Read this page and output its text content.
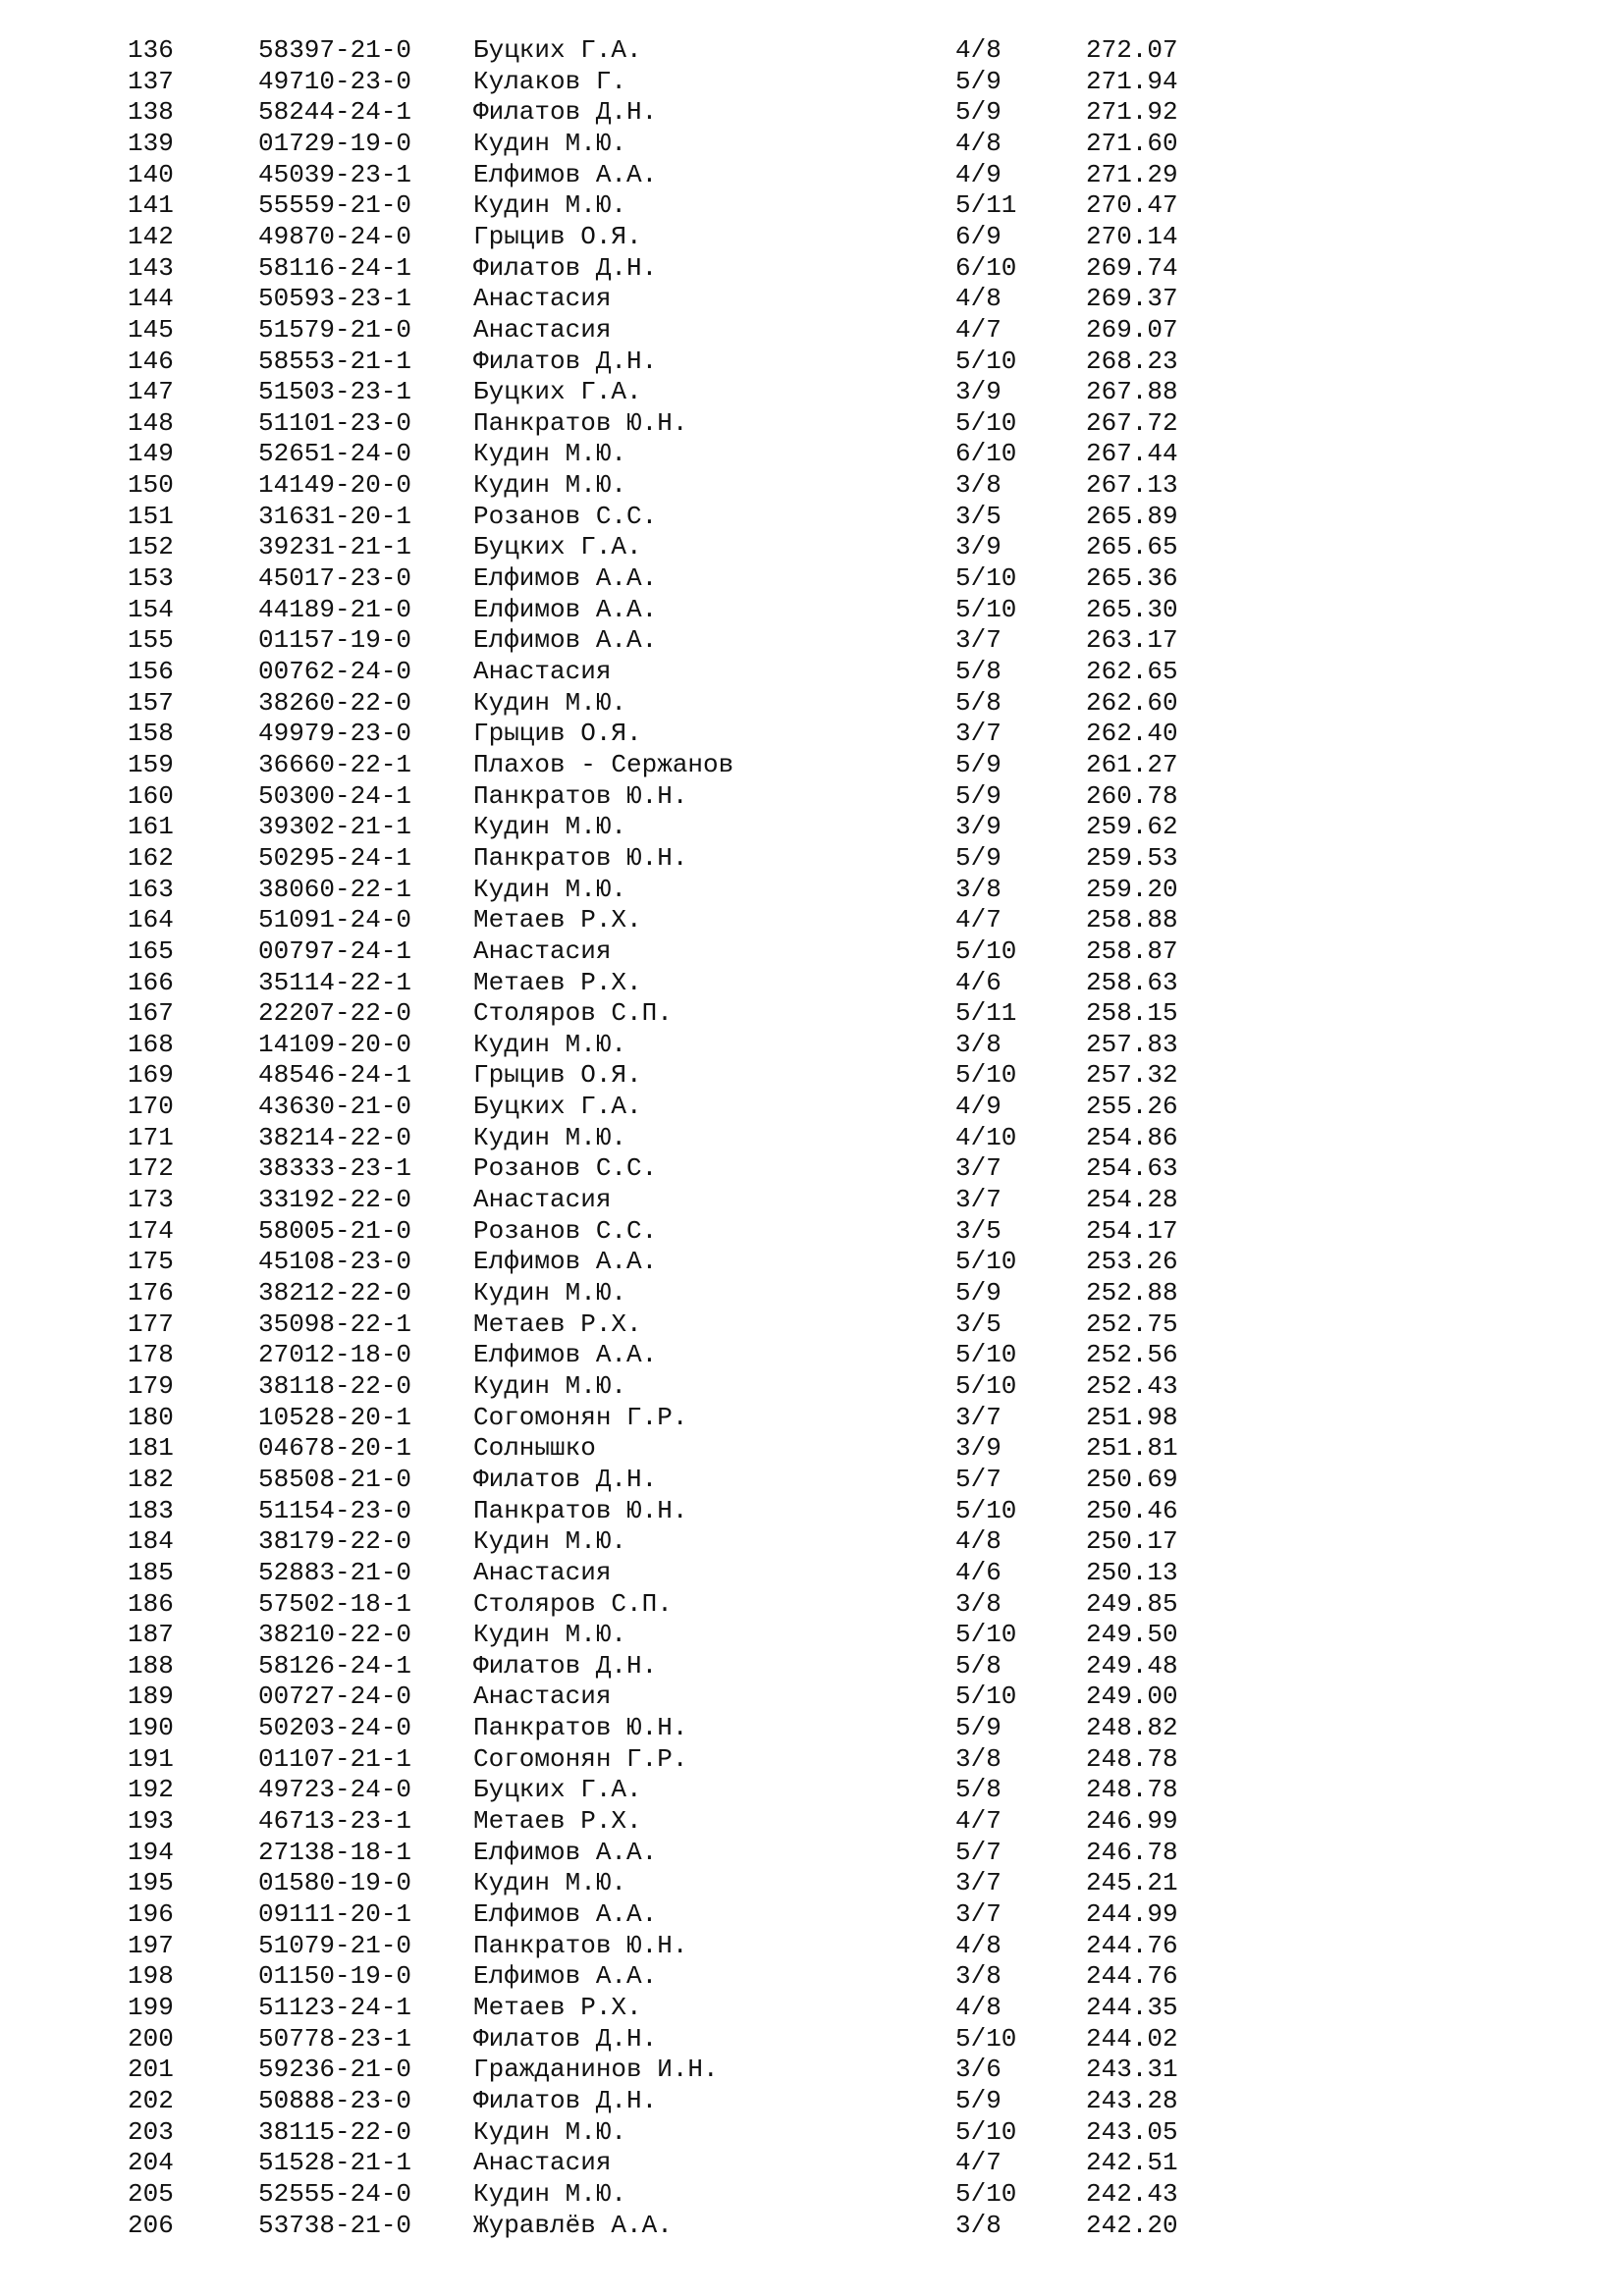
136	58397-21-0 Буцких Г.А.	4/8	272.07
137	49710-23-0 Кулаков Г.	5/9	271.94
138	58244-24-1 Филатов Д.Н.	5/9	271.92
139	01729-19-0 Кудин М.Ю.	4/8	271.60
140	45039-23-1 Елфимов А.А.	4/9	271.29
141	55559-21-0 Кудин М.Ю.	5/11	270.47
142	49870-24-0 Грыцив О.Я.	6/9	270.14
143	58116-24-1 Филатов Д.Н.	6/10	269.74
144	50593-23-1 Анастасия	4/8	269.37
145	51579-21-0 Анастасия	4/7	269.07
146	58553-21-1 Филатов Д.Н.	5/10	268.23
147	51503-23-1 Буцких Г.А.	3/9	267.88
148	51101-23-0 Панкратов Ю.Н.	5/10	267.72
149	52651-24-0 Кудин М.Ю.	6/10	267.44
150	14149-20-0 Кудин М.Ю.	3/8	267.13
151	31631-20-1 Розанов С.С.	3/5	265.89
152	39231-21-1 Буцких Г.А.	3/9	265.65
153	45017-23-0 Елфимов А.А.	5/10	265.36
154	44189-21-0 Елфимов А.А.	5/10	265.30
155	01157-19-0 Елфимов А.А.	3/7	263.17
156	00762-24-0 Анастасия	5/8	262.65
157	38260-22-0 Кудин М.Ю.	5/8	262.60
158	49979-23-0 Грыцив О.Я.	3/7	262.40
159	36660-22-1 Плахов - Сержанов	5/9	261.27
160	50300-24-1 Панкратов Ю.Н.	5/9	260.78
161	39302-21-1 Кудин М.Ю.	3/9	259.62
162	50295-24-1 Панкратов Ю.Н.	5/9	259.53
163	38060-22-1 Кудин М.Ю.	3/8	259.20
164	51091-24-0 Метаев Р.Х.	4/7	258.88
165	00797-24-1 Анастасия	5/10	258.87
166	35114-22-1 Метаев Р.Х.	4/6	258.63
167	22207-22-0 Столяров С.П.	5/11	258.15
168	14109-20-0 Кудин М.Ю.	3/8	257.83
169	48546-24-1 Грыцив О.Я.	5/10	257.32
170	43630-21-0 Буцких Г.А.	4/9	255.26
171	38214-22-0 Кудин М.Ю.	4/10	254.86
172	38333-23-1 Розанов С.С.	3/7	254.63
173	33192-22-0 Анастасия	3/7	254.28
174	58005-21-0 Розанов С.С.	3/5	254.17
175	45108-23-0 Елфимов А.А.	5/10	253.26
176	38212-22-0 Кудин М.Ю.	5/9	252.88
177	35098-22-1 Метаев Р.Х.	3/5	252.75
178	27012-18-0 Елфимов А.А.	5/10	252.56
179	38118-22-0 Кудин М.Ю.	5/10	252.43
180	10528-20-1 Согомонян Г.Р.	3/7	251.98
181	04678-20-1 Солнышко	3/9	251.81
182	58508-21-0 Филатов Д.Н.	5/7	250.69
183	51154-23-0 Панкратов Ю.Н.	5/10	250.46
184	38179-22-0 Кудин М.Ю.	4/8	250.17
185	52883-21-0 Анастасия	4/6	250.13
186	57502-18-1 Столяров С.П.	3/8	249.85
187	38210-22-0 Кудин М.Ю.	5/10	249.50
188	58126-24-1 Филатов Д.Н.	5/8	249.48
189	00727-24-0 Анастасия	5/10	249.00
190	50203-24-0 Панкратов Ю.Н.	5/9	248.82
191	01107-21-1 Согомонян Г.Р.	3/8	248.78
192	49723-24-0 Буцких Г.А.	5/8	248.78
193	46713-23-1 Метаев Р.Х.	4/7	246.99
194	27138-18-1 Елфимов А.А.	5/7	246.78
195	01580-19-0 Кудин М.Ю.	3/7	245.21
196	09111-20-1 Елфимов А.А.	3/7	244.99
197	51079-21-0 Панкратов Ю.Н.	4/8	244.76
198	01150-19-0 Елфимов А.А.	3/8	244.76
199	51123-24-1 Метаев Р.Х.	4/8	244.35
200	50778-23-1 Филатов Д.Н.	5/10	244.02
201	59236-21-0 Гражданинов И.Н.	3/6	243.31
202	50888-23-0 Филатов Д.Н.	5/9	243.28
203	38115-22-0 Кудин М.Ю.	5/10	243.05
204	51528-21-1 Анастасия	4/7	242.51
205	52555-24-0 Кудин М.Ю.	5/10	242.43
206	53738-21-0 Журавлёв А.А.	3/8	242.20
